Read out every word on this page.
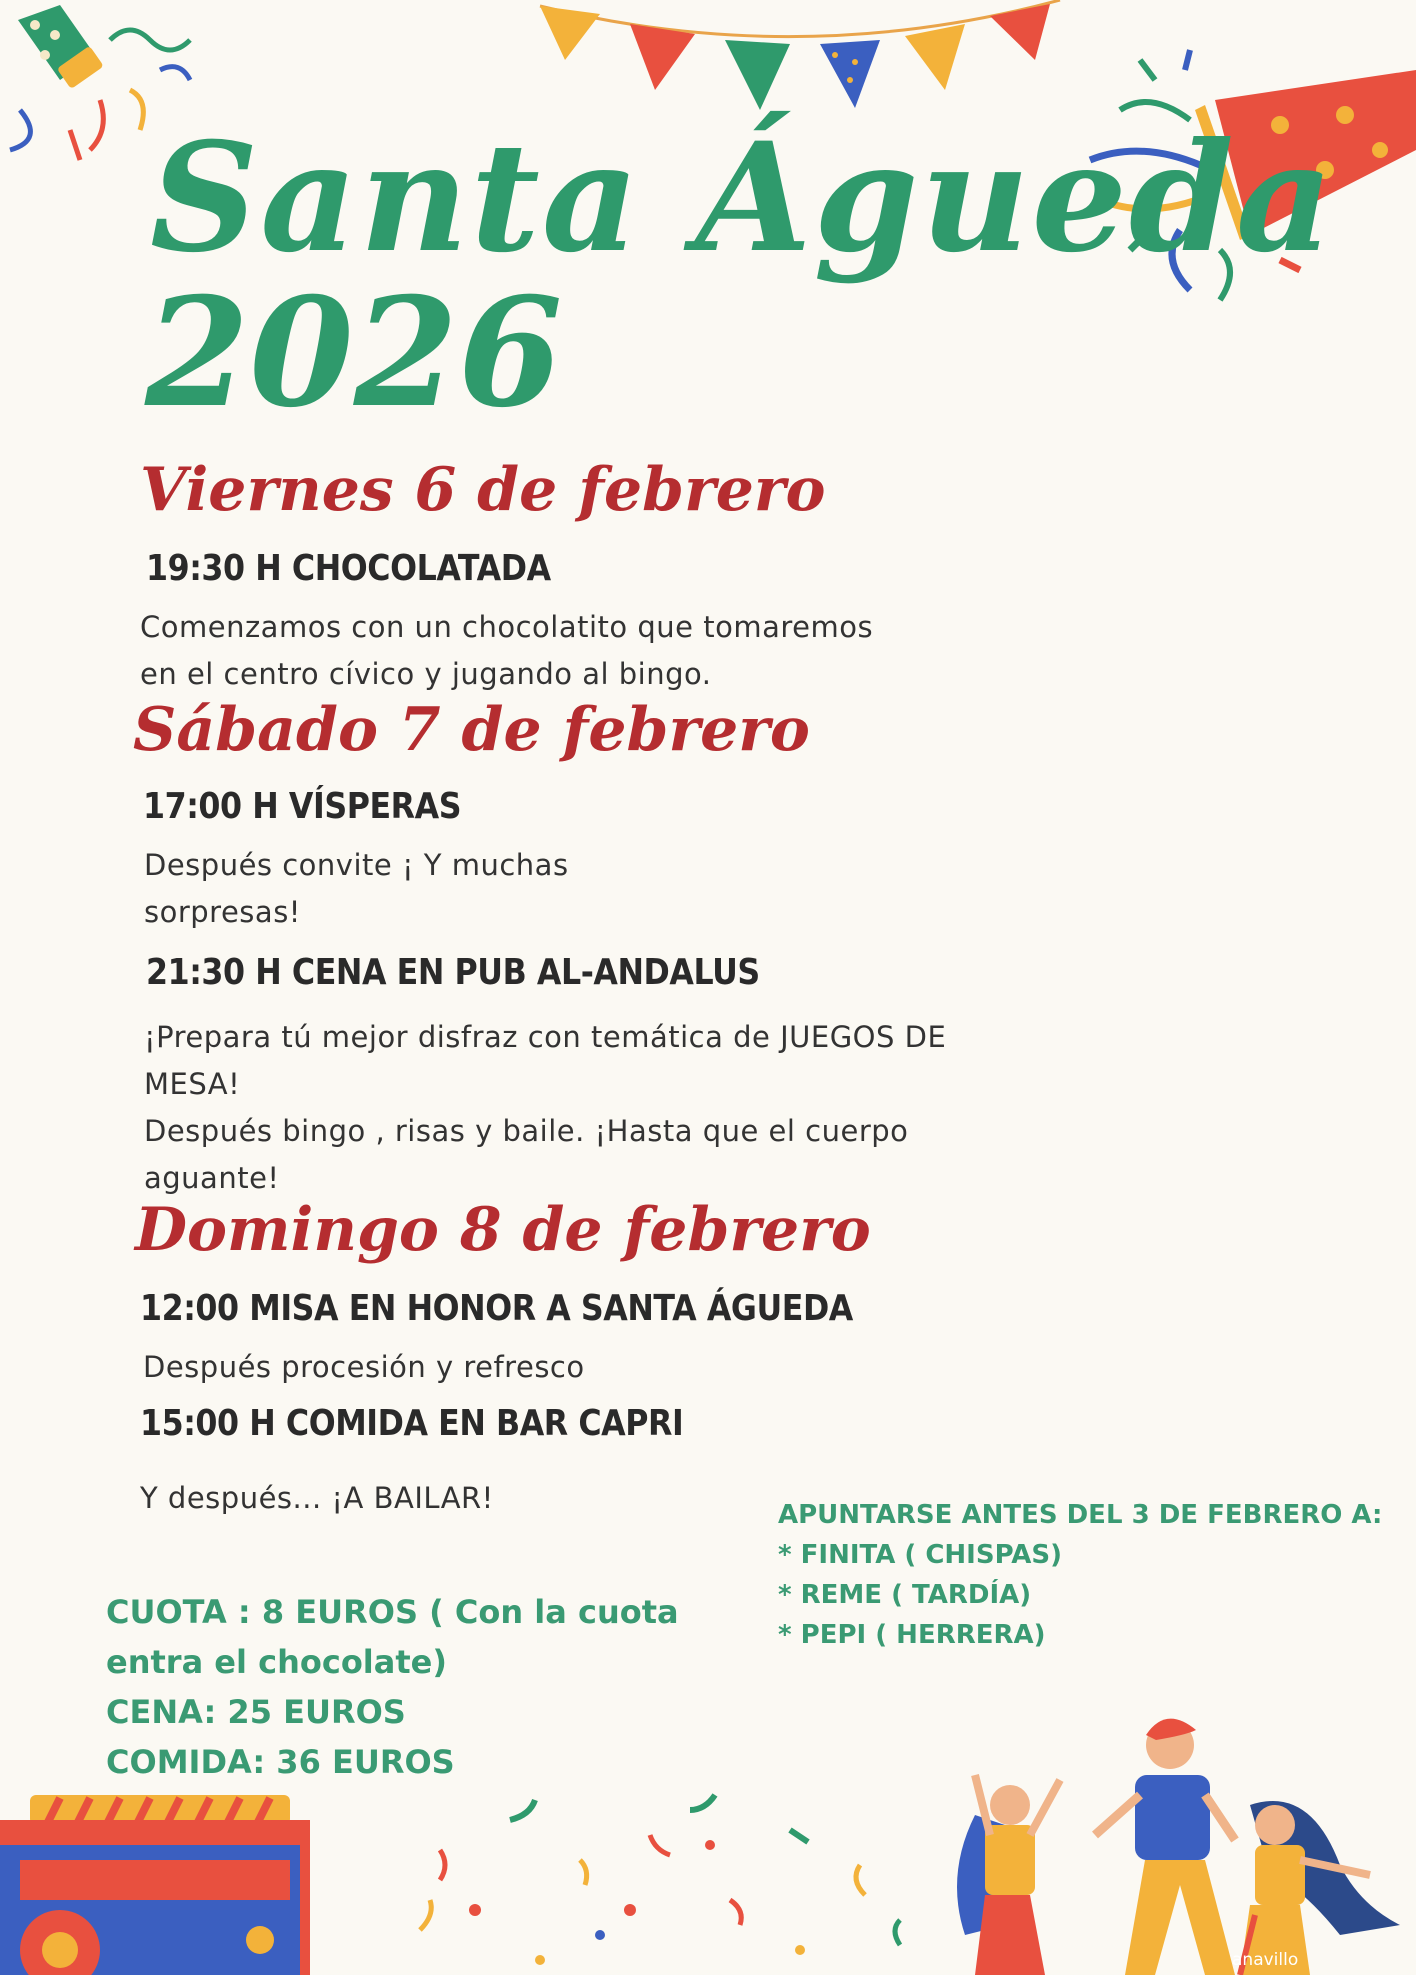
Santa Águeda
2026
Viernes 6 de febrero
19:30 H CHOCOLATADA

Comenzamos con un chocolatito que tomaremos
en el centro cívico y jugando al bingo.

Sábado 7 de febrero
17:00 H VÍSPERAS

Después convite ¡ Y muchas
sorpresas!

21:30 H CENA EN PUB AL-ANDALUS

¡Prepara tú mejor disfraz con temática de JUEGOS DE
MESA!
Después bingo , risas y baile. ¡Hasta que el cuerpo
aguante!

Domingo 8 de febrero
12:00 MISA EN HONOR A SANTA ÁGUEDA

Después procesión y refresco

15:00 H COMIDA EN BAR CAPRI

Y después... ¡A BAILAR!

CUOTA : 8 EUROS ( Con la cuota
entra el chocolate)
CENA: 25 EUROS
COMIDA: 36 EUROS

APUNTARSE ANTES DEL 3 DE FEBRERO A:
* FINITA ( CHISPAS)
* REME ( TARDÍA)
* PEPI ( HERRERA)

anavillo
